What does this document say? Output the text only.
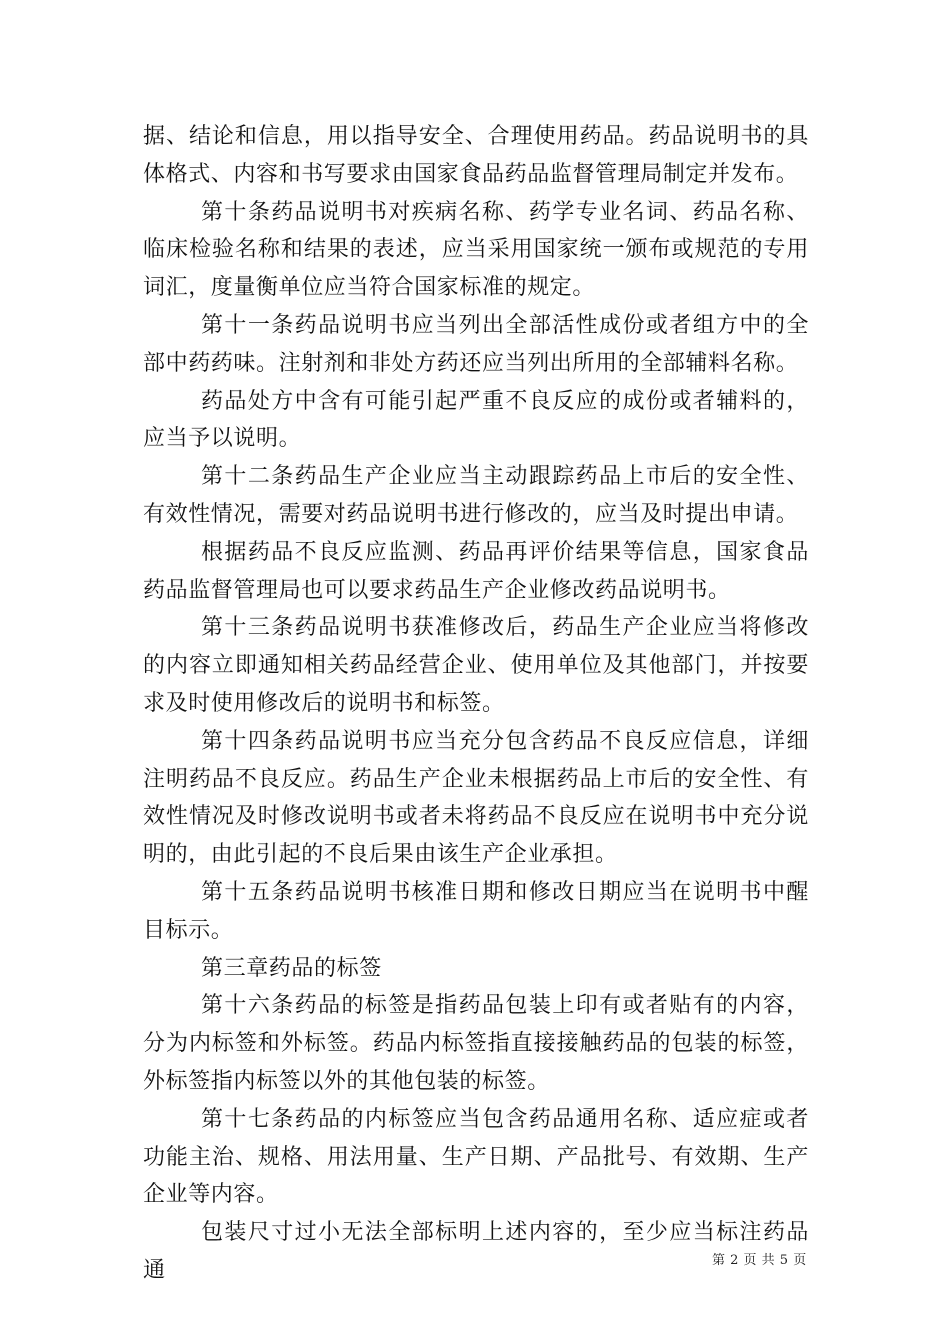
据、结论和信息，用以指导安全、合理使用药品。药品说明书的具体格式、内容和书写要求由国家食品药品监督管理局制定并发布。

第十条药品说明书对疾病名称、药学专业名词、药品名称、临床检验名称和结果的表述，应当采用国家统一颁布或规范的专用词汇，度量衡单位应当符合国家标准的规定。

第十一条药品说明书应当列出全部活性成份或者组方中的全部中药药味。注射剂和非处方药还应当列出所用的全部辅料名称。

药品处方中含有可能引起严重不良反应的成份或者辅料的，应当予以说明。

第十二条药品生产企业应当主动跟踪药品上市后的安全性、有效性情况，需要对药品说明书进行修改的，应当及时提出申请。

根据药品不良反应监测、药品再评价结果等信息，国家食品药品监督管理局也可以要求药品生产企业修改药品说明书。

第十三条药品说明书获准修改后，药品生产企业应当将修改的内容立即通知相关药品经营企业、使用单位及其他部门，并按要求及时使用修改后的说明书和标签。

第十四条药品说明书应当充分包含药品不良反应信息，详细注明药品不良反应。药品生产企业未根据药品上市后的安全性、有效性情况及时修改说明书或者未将药品不良反应在说明书中充分说明的，由此引起的不良后果由该生产企业承担。

第十五条药品说明书核准日期和修改日期应当在说明书中醒目标示。

第三章药品的标签

第十六条药品的标签是指药品包装上印有或者贴有的内容，分为内标签和外标签。药品内标签指直接接触药品的包装的标签，外标签指内标签以外的其他包装的标签。

第十七条药品的内标签应当包含药品通用名称、适应症或者功能主治、规格、用法用量、生产日期、产品批号、有效期、生产企业等内容。

包装尺寸过小无法全部标明上述内容的，至少应当标注药品通	第 2 页 共 5 页
